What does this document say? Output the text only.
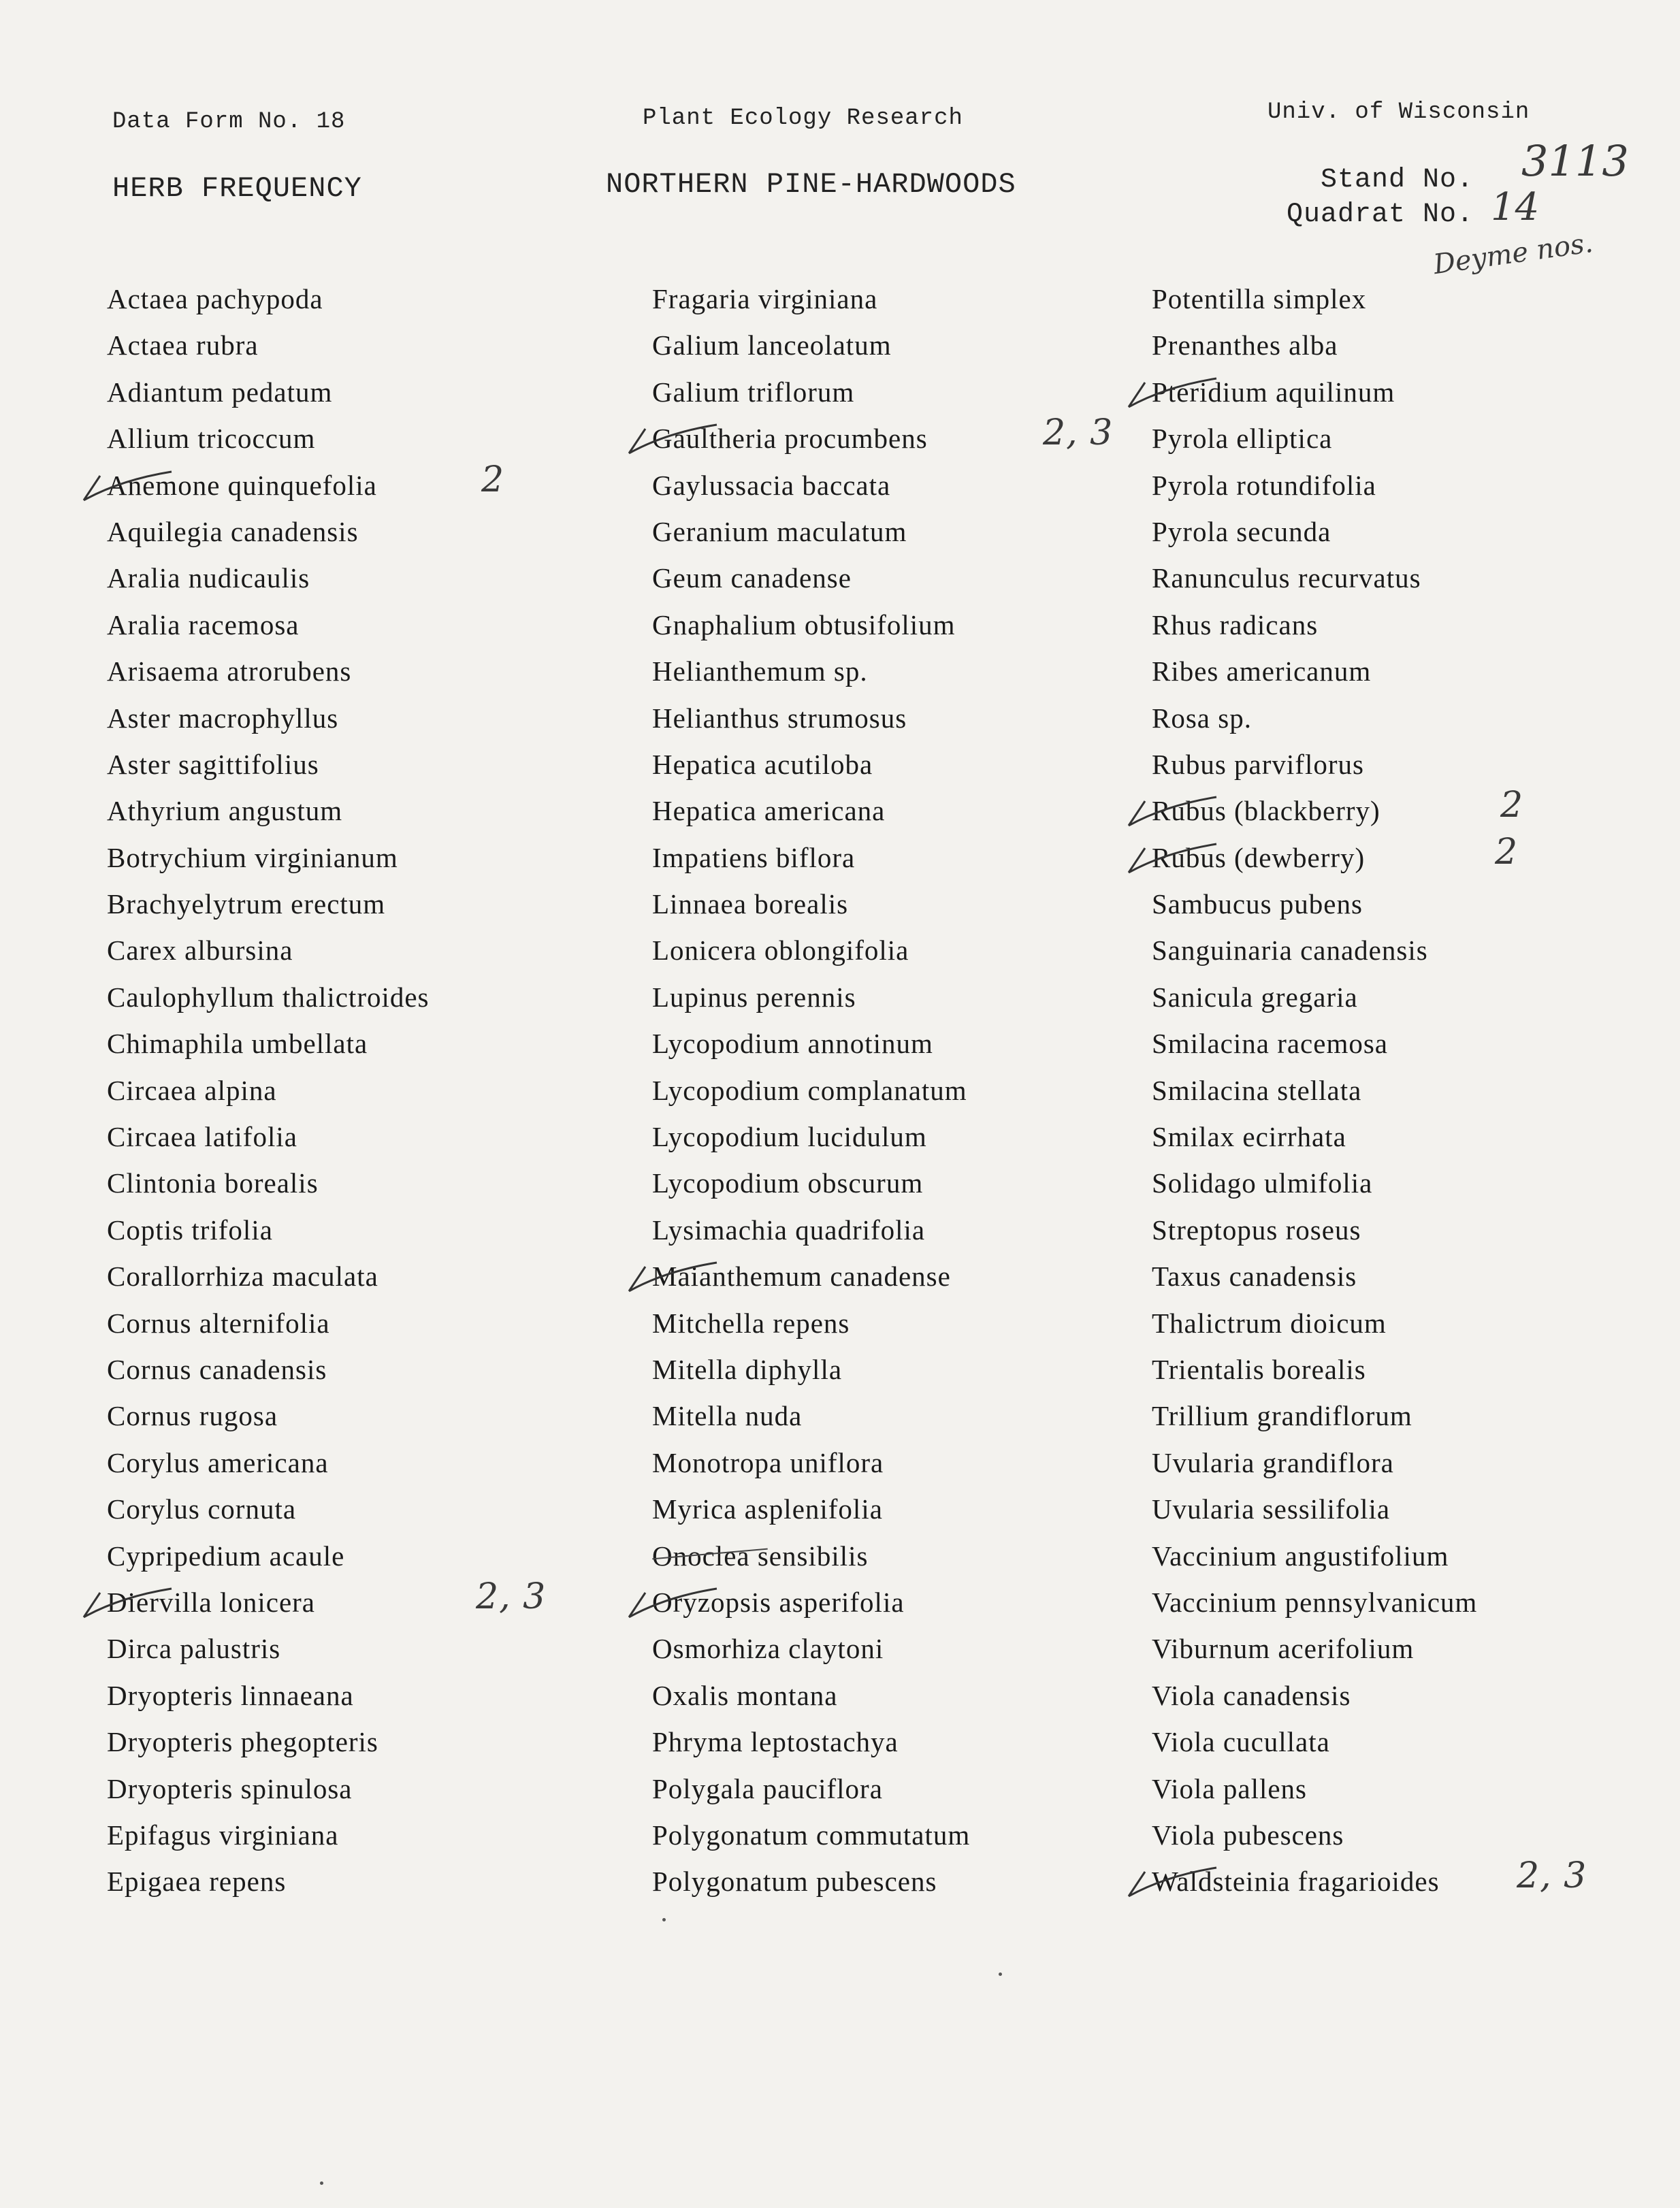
Data Form No. 18
HERB FREQUENCY
Plant Ecology Research
NORTHERN PINE-HARDWOODS
Univ. of Wisconsin
Stand No. 3113
Quadrat No. 14
Deyme nos.
Actaea pachypoda
Actaea rubra
Adiantum pedatum
Allium tricoccum
Anemone quinquefolia	2
Aquilegia canadensis
Aralia nudicaulis
Aralia racemosa
Arisaema atrorubens
Aster macrophyllus
Aster sagittifolius
Athyrium angustum
Botrychium virginianum
Brachyelytrum erectum
Carex albursina
Caulophyllum thalictroides
Chimaphila umbellata
Circaea alpina
Circaea latifolia
Clintonia borealis
Coptis trifolia
Corallorrhiza maculata
Cornus alternifolia
Cornus canadensis
Cornus rugosa
Corylus americana
Corylus cornuta
Cypripedium acaule
Diervilla lonicera	2, 3
Dirca palustris
Dryopteris linnaeana
Dryopteris phegopteris
Dryopteris spinulosa
Epifagus virginiana
Epigaea repens
Fragaria virginiana
Galium lanceolatum
Galium triflorum
Gaultheria procumbens	2, 3
Gaylussacia baccata
Geranium maculatum
Geum canadense
Gnaphalium obtusifolium
Helianthemum sp.
Helianthus strumosus
Hepatica acutiloba
Hepatica americana
Impatiens biflora
Linnaea borealis
Lonicera oblongifolia
Lupinus perennis
Lycopodium annotinum
Lycopodium complanatum
Lycopodium lucidulum
Lycopodium obscurum
Lysimachia quadrifolia
Maianthemum canadense
Mitchella repens
Mitella diphylla
Mitella nuda
Monotropa uniflora
Myrica asplenifolia
Onoclea sensibilis
Oryzopsis asperifolia
Osmorhiza claytoni
Oxalis montana
Phryma leptostachya
Polygala pauciflora
Polygonatum commutatum
Polygonatum pubescens
Potentilla simplex
Prenanthes alba
Pteridium aquilinum
Pyrola elliptica
Pyrola rotundifolia
Pyrola secunda
Ranunculus recurvatus
Rhus radicans
Ribes americanum
Rosa sp.
Rubus parviflorus
Rubus (blackberry)	2
Rubus (dewberry)	2
Sambucus pubens
Sanguinaria canadensis
Sanicula gregaria
Smilacina racemosa
Smilacina stellata
Smilax ecirrhata
Solidago ulmifolia
Streptopus roseus
Taxus canadensis
Thalictrum dioicum
Trientalis borealis
Trillium grandiflorum
Uvularia grandiflora
Uvularia sessilifolia
Vaccinium angustifolium
Vaccinium pennsylvanicum
Viburnum acerifolium
Viola canadensis
Viola cucullata
Viola pallens
Viola pubescens
Waldsteinia fragarioides 2, 3
